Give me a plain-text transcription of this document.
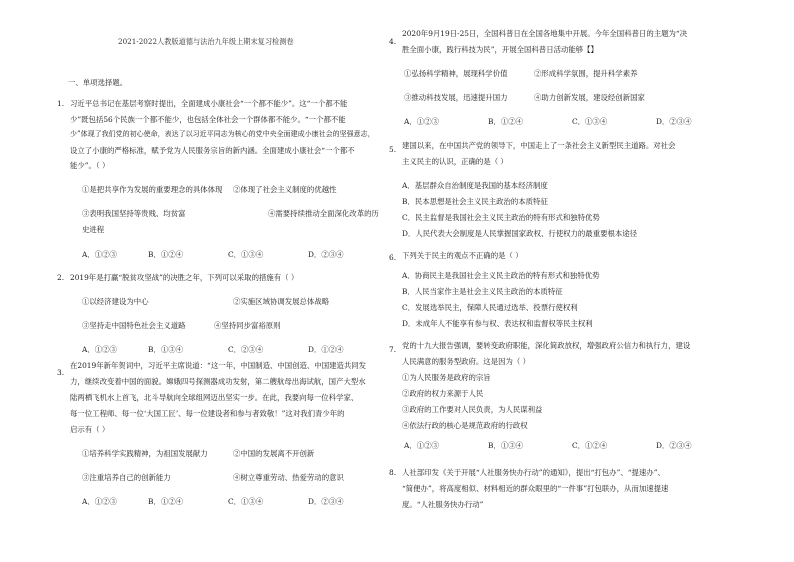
2021-2022人教版道德与法治九年级上期末复习检测卷
一、单项选择题。
1. 习近平总书记在基层考察时提出，全面建成小康社会“一个都不能少”。这“一个都不能
少”既包括56个民族一个都不能少，也包括全体社会一个群体都不能少。“一个都不能
少”体现了我们党的初心使命，表达了以习近平同志为核心的党中央全面建成小康社会的坚强意志，
设立了小康的严格标准，赋予党为人民服务宗旨的新内涵。全面建成小康社会“一个都不
能少”。（ ）
①是把共享作为发展的重要理念的具体体现 ②体现了社会主义制度的优越性
③表明我国坚持等贵贱、均贫富	④需要持续推动全面深化改革的历
史进程
A．①②③	B．①②④	C．①③④	D．②③④
2. 2019年是打赢“脱贫攻坚战”的决胜之年，下列可以采取的措施有（ ）
①以经济建设为中心	②实施区域协调发展总体战略
③坚持走中国特色社会主义道路	④坚持同步富裕原则
A．①②③	B．①③④	C．②③④	D．①②④
3.
在2019年新年贺词中，习近平主席说道：“这一年，中国制造、中国创造、中国建造共同发
力，继续改变着中国的面貌。嫦娥四号探测器成功发射，第二艘航母出海试航，国产大型水
陆两栖飞机水上首飞，北斗导航向全球组网迈出坚实一步。在此，我要向每一位科学家、
每一位工程师、每一位‘大国工匠’、每一位建设者和参与者致敬！”这对我们青少年的
启示有（ ）
①培养科学实践精神，为祖国发展献力	②中国的发展离不开创新
③注重培养自己的创新能力	④树立尊重劳动、热爱劳动的意识
A．①②③	B．①②④	C．①③④	D．②③④
4.
2020年9月19日-25日，全国科普日在全国各地集中开展。今年全国科普日的主题为“决
胜全面小康，践行科技为民”，开展全国科普日活动能够【】
①弘扬科学精神，展现科学价值	②形成科学氛围，提升科学素养
③推动科技发展，迅速提升国力	④助力创新发展，建设经创新国家
A．①②③	B．①②④	C．①③④	D．②③④
5. 建国以来，在中国共产党的领导下，中国走上了一条社会主义新型民主道路。对社会
主义民主的认识，正确的是（ ）
A．基层群众自治制度是我国的基本经济制度
B．民本思想是社会主义民主政治的本质特征
C．民主监督是我国社会主义民主政治的特有形式和独特优势
D．人民代表大会制度是人民掌握国家政权、行使权力的最重要根本途径
6. 下列关于民主的观点不正确的是（ ）
A．协商民主是我国社会主义民主政治的特有形式和独特优势
B．人民当家作主是社会主义民主政治的本质特征
C．发展选举民主，保障人民通过选举、投票行使权利
D．未成年人不能享有参与权、表达权和监督权等民主权利
7. 党的十九大报告强调，要转变政府职能，深化简政放权，增强政府公信力和执行力，建设
人民满意的服务型政府。这是因为（ ）
①为人民服务是政府的宗旨
②政府的权力来源于人民
③政府的工作要对人民负责，为人民谋利益
④依法行政的核心是规范政府的行政权
A．①②③	B．①③④	C．①②④	D．②③④
8. 人社部印发《关于开展“人社服务快办行动”的通知》，提出“打包办”、“提速办”、
“简便办”，将高度相似、材料相近的群众眼里的“一件事”打包联办，从而加速提速
度。“人社服务快办行动”
